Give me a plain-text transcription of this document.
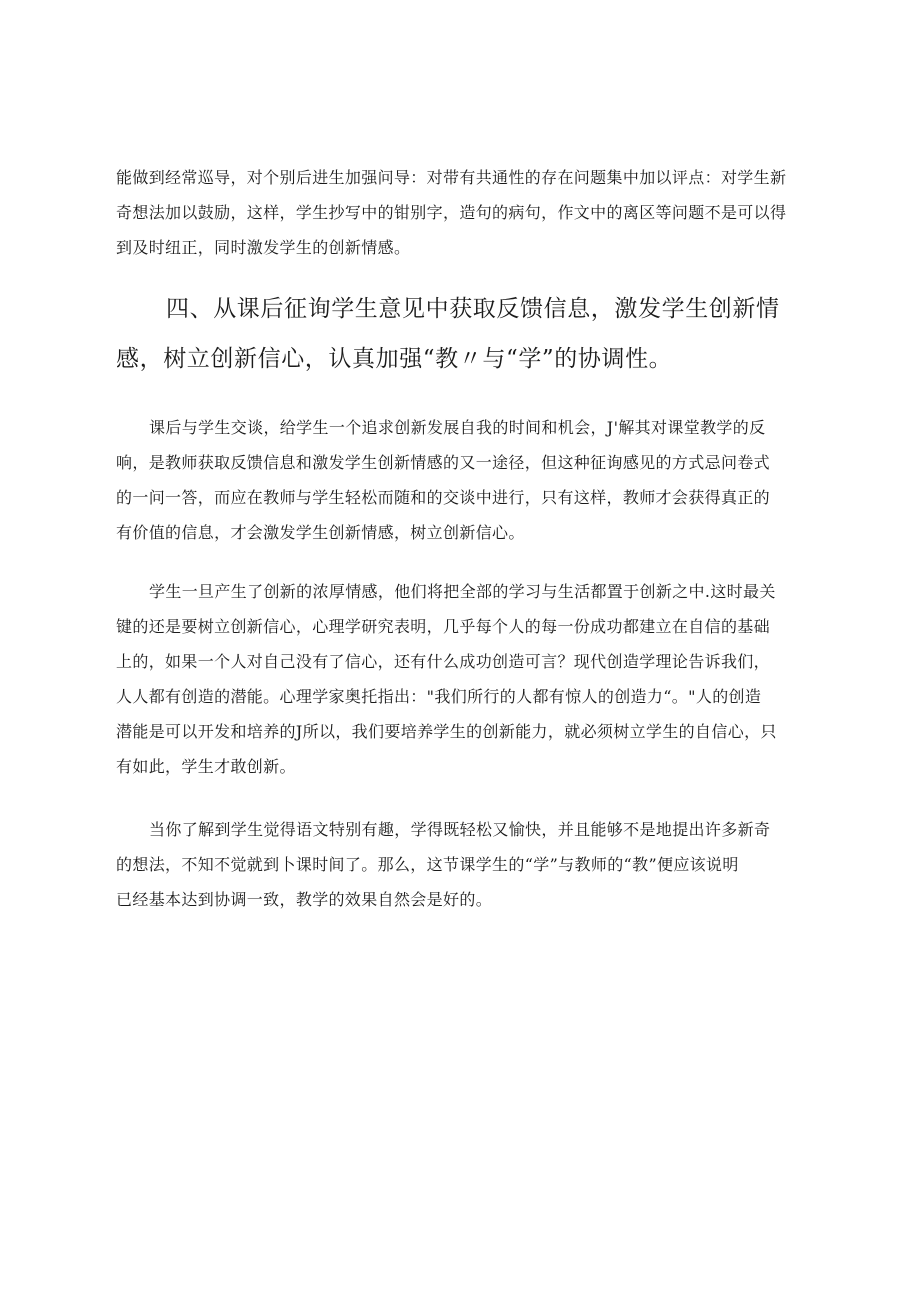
能做到经常巡导，对个别后进生加强问导：对带有共通性的存在问题集中加以评点：对学生新
奇想法加以鼓励，这样，学生抄写中的钳别字，造句的病句，作文中的离区等问题不是可以得
到及时纽正，同时激发学生的创新情感。

四、从课后征询学生意见中获取反馈信息，激发学生创新情
感，树立创新信心，认真加强“教〃与“学”的协调性。

课后与学生交谈，给学生一个追求创新发展自我的时间和机会，J'解其对课堂教学的反
响，是教师获取反馈信息和激发学生创新情感的又一途径，但这种征询感见的方式忌问卷式
的一问一答，而应在教师与学生轻松而随和的交谈中进行，只有这样，教师才会获得真正的
有价值的信息，才会激发学生创新情感，树立创新信心。

学生一旦产生了创新的浓厚情感，他们将把全部的学习与生活都置于创新之中.这时最关
键的还是要树立创新信心，心理学研究表明，几乎每个人的每一份成功都建立在自信的基础
上的，如果一个人对自己没有了信心，还有什么成功创造可言？现代创造学理论告诉我们，
人人都有创造的潜能。心理学家奥托指出："我们所行的人都有惊人的创造力“。"人的创造
潜能是可以开发和培养的J所以，我们要培养学生的创新能力，就必须树立学生的自信心，只
有如此，学生才敢创新。

当你了解到学生觉得语文特别有趣，学得既轻松又愉快，并且能够不是地提出许多新奇
的想法，不知不觉就到卜课时间了。那么，这节课学生的“学”与教师的“教”便应该说明
已经基本达到协调一致，教学的效果自然会是好的。
